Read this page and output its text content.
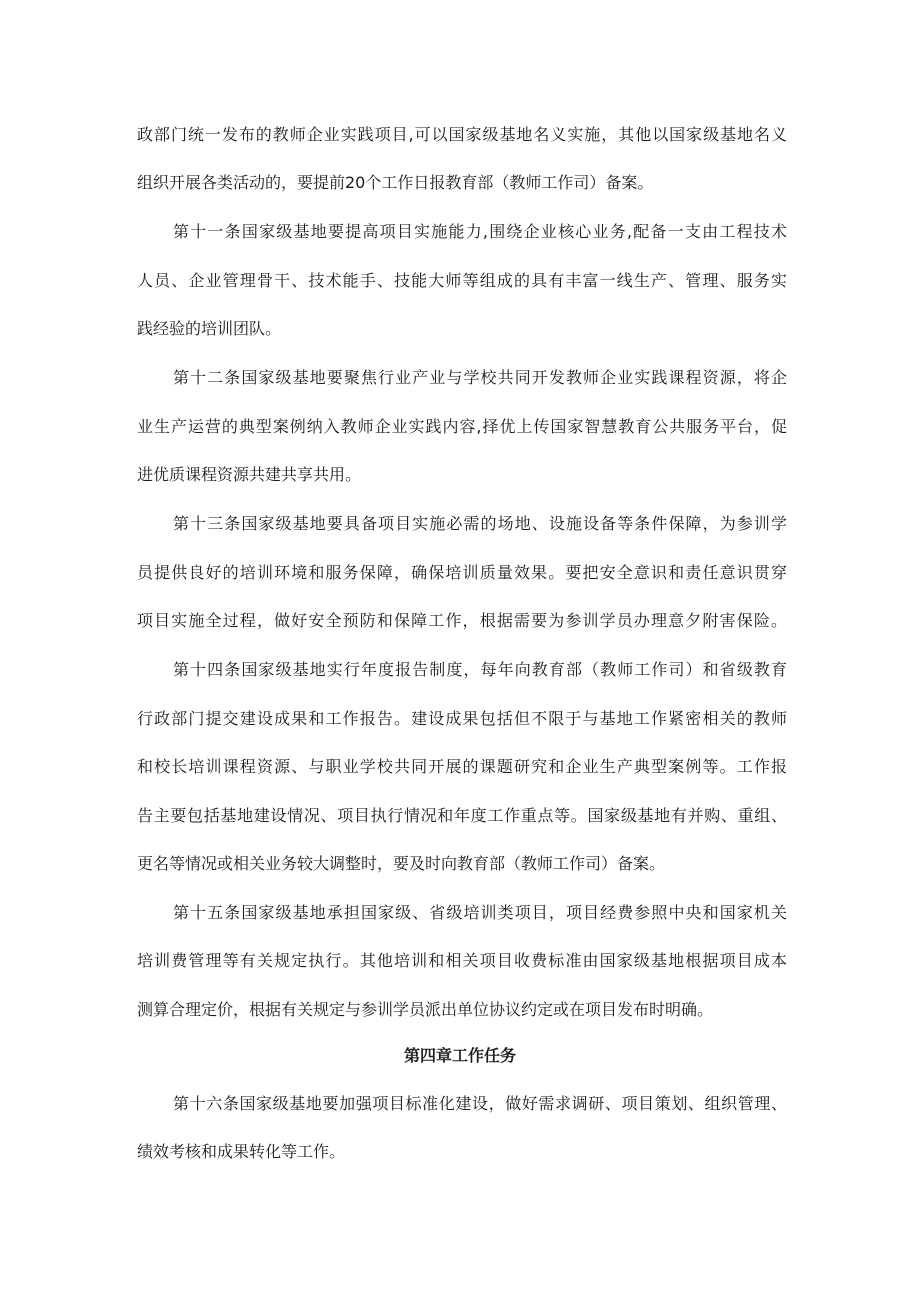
政部门统一发布的教师企业实践项目,可以国家级基地名义实施，其他以国家级基地名义
组织开展各类活动的，要提前20个工作日报教育部（教师工作司）备案。
第十一条国家级基地要提高项目实施能力,围绕企业核心业务,配备一支由工程技术
人员、企业管理骨干、技术能手、技能大师等组成的具有丰富一线生产、管理、服务实
践经验的培训团队。
第十二条国家级基地要聚焦行业产业与学校共同开发教师企业实践课程资源，将企
业生产运营的典型案例纳入教师企业实践内容,择优上传国家智慧教育公共服务平台，促
进优质课程资源共建共享共用。
第十三条国家级基地要具备项目实施必需的场地、设施设备等条件保障，为参训学
员提供良好的培训环境和服务保障，确保培训质量效果。要把安全意识和责任意识贯穿
项目实施全过程，做好安全预防和保障工作，根据需要为参训学员办理意夕附害保险。
第十四条国家级基地实行年度报告制度，每年向教育部（教师工作司）和省级教育
行政部门提交建设成果和工作报告。建设成果包括但不限于与基地工作紧密相关的教师
和校长培训课程资源、与职业学校共同开展的课题研究和企业生产典型案例等。工作报
告主要包括基地建设情况、项目执行情况和年度工作重点等。国家级基地有并购、重组、
更名等情况或相关业务较大调整时，要及时向教育部（教师工作司）备案。
第十五条国家级基地承担国家级、省级培训类项目，项目经费参照中央和国家机关
培训费管理等有关规定执行。其他培训和相关项目收费标准由国家级基地根据项目成本
测算合理定价，根据有关规定与参训学员派出单位协议约定或在项目发布时明确。
第四章工作任务
第十六条国家级基地要加强项目标准化建设，做好需求调研、项目策划、组织管理、
绩效考核和成果转化等工作。
